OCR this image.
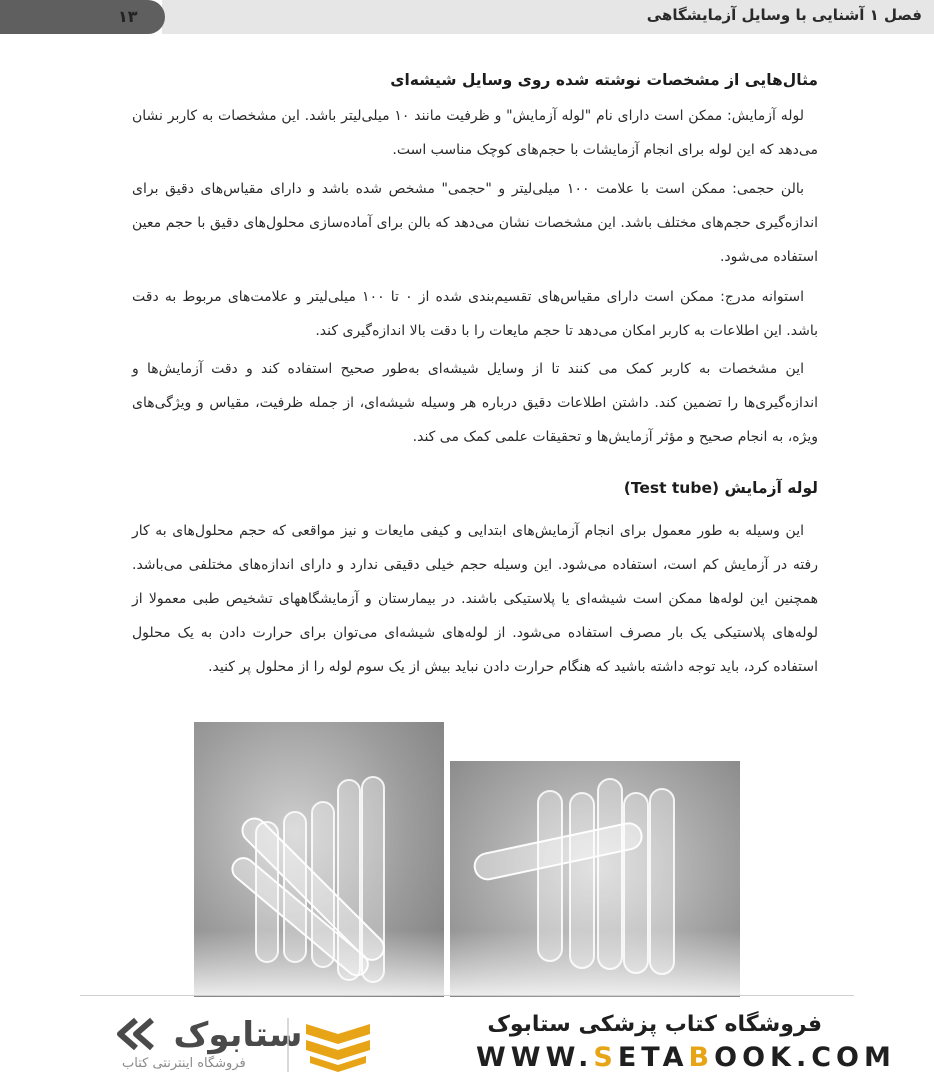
فصل ۱ آشنایی با وسایل آزمایشگاهی
۱۳

مثال‌هایی از مشخصات نوشته شده روی وسایل شیشه‌ای

لوله آزمایش: ممکن است دارای نام "لوله آزمایش" و ظرفیت مانند ۱۰ میلی‌لیتر باشد. این مشخصات به کاربر نشان می‌دهد که این لوله برای انجام آزمایشات با حجم‌های کوچک مناسب است.

بالن حجمی: ممکن است با علامت ۱۰۰ میلی‌لیتر و "حجمی" مشخص شده باشد و دارای مقیاس‌های دقیق برای اندازه‌گیری حجم‌های مختلف باشد. این مشخصات نشان می‌دهد که بالن برای آماده‌سازی محلول‌های دقیق با حجم معین استفاده می‌شود.

استوانه مدرج: ممکن است دارای مقیاس‌های تقسیم‌بندی شده از ۰ تا ۱۰۰ میلی‌لیتر و علامت‌های مربوط به دقت باشد. این اطلاعات به کاربر امکان می‌دهد تا حجم مایعات را با دقت بالا اندازه‌گیری کند.

این مشخصات به کاربر کمک می کنند تا از وسایل شیشه‌ای به‌طور صحیح استفاده کند و دقت آزمایش‌ها و اندازه‌گیری‌ها را تضمین کند. داشتن اطلاعات دقیق درباره هر وسیله شیشه‌ای، از جمله ظرفیت، مقیاس و ویژگی‌های ویژه، به انجام صحیح و مؤثر آزمایش‌ها و تحقیقات علمی کمک می کند.

لوله آزمایش (Test tube)

این وسیله به طور معمول برای انجام آزمایش‌های ابتدایی و کیفی مایعات و نیز مواقعی که حجم محلول‌های به کار رفته در آزمایش کم است، استفاده می‌شود. این وسیله حجم خیلی دقیقی ندارد و دارای اندازه‌های مختلفی می‌باشد. همچنین این لوله‌ها ممکن است شیشه‌ای یا پلاستیکی باشند. در بیمارستان و آزمایشگاههای تشخیص طبی معمولا از لوله‌های پلاستیکی یک بار مصرف استفاده می‌شود. از لوله‌های شیشه‌ای می‌توان برای حرارت دادن به یک محلول استفاده کرد، باید توجه داشته باشید که هنگام حرارت دادن نباید بیش از یک سوم لوله را از محلول پر کنید.

ستابوک
فروشگاه اینترنتی کتاب
فروشگاه کتاب پزشکی ستابوک
WWW.SETABOOK.COM
